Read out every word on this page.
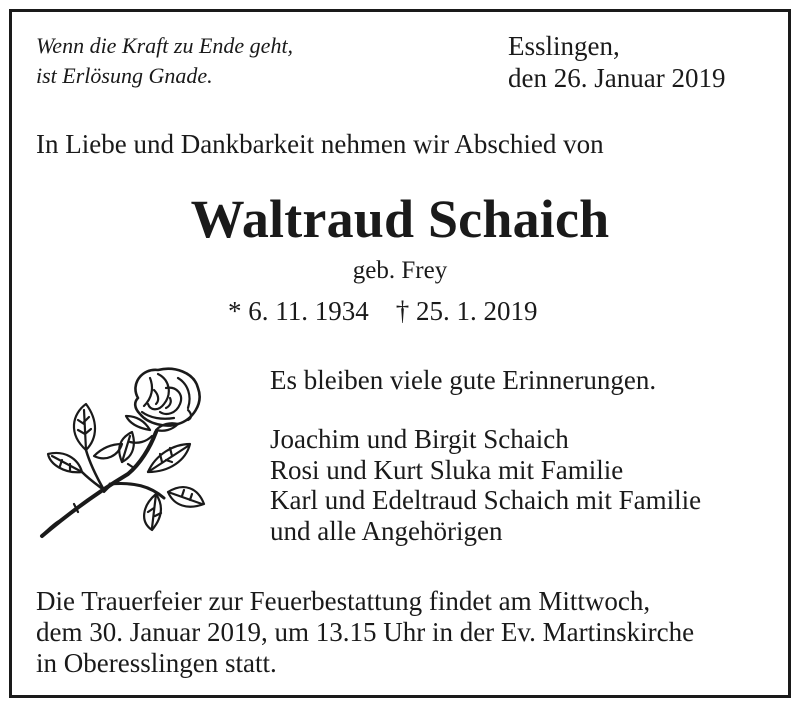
Wenn die Kraft zu Ende geht,
ist Erlösung Gnade.
Esslingen,
den 26. Januar 2019
In Liebe und Dankbarkeit nehmen wir Abschied von
Waltraud Schaich
geb. Frey
* 6. 11. 1934 † 25. 1. 2019
Es bleiben viele gute Erinnerungen.
Joachim und Birgit Schaich
Rosi und Kurt Sluka mit Familie
Karl und Edeltraud Schaich mit Familie
und alle Angehörigen
Die Trauerfeier zur Feuerbestattung findet am Mittwoch,
dem 30. Januar 2019, um 13.15 Uhr in der Ev. Martinskirche
in Oberesslingen statt.
